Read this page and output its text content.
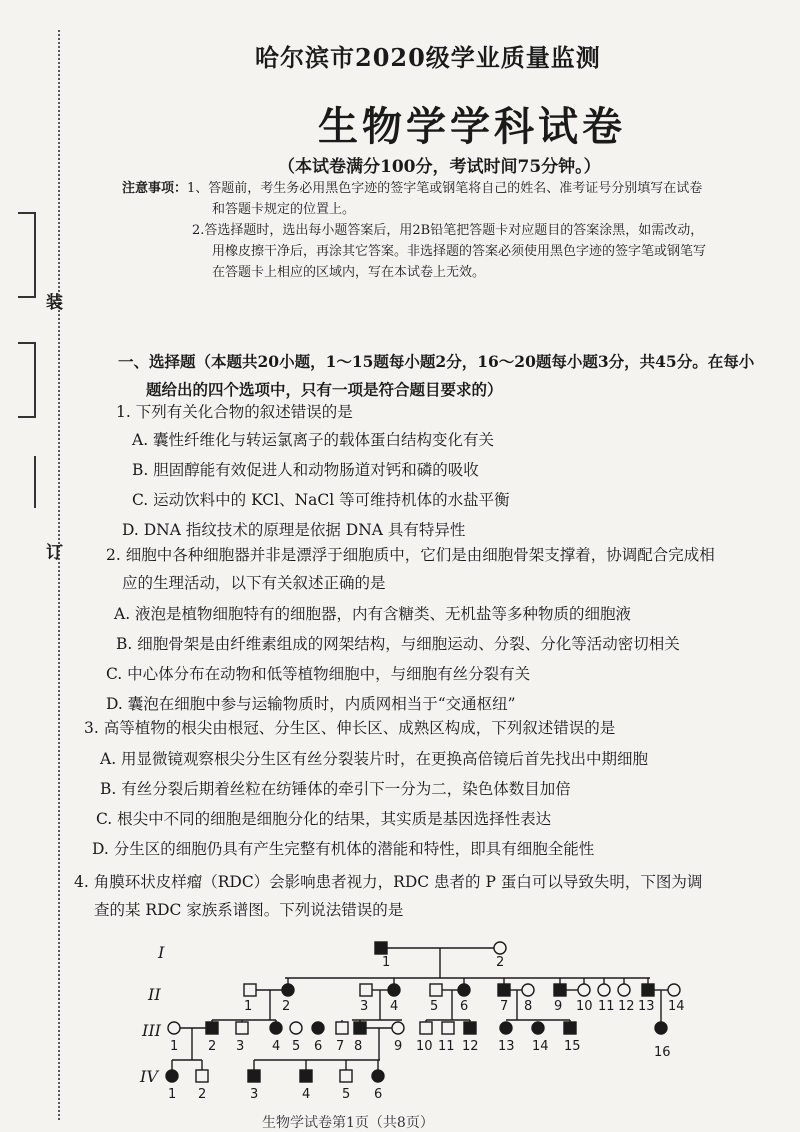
装
订
哈尔滨市2020级学业质量监测
生物学学科试卷
（本试卷满分100分，考试时间75分钟。）

注意事项：1、答题前，考生务必用黑色字迹的签字笔或钢笔将自己的姓名、准考证号分别填写在试卷

和答题卡规定的位置上。

2.答选择题时，选出每小题答案后，用2B铅笔把答题卡对应题目的答案涂黑，如需改动，

用橡皮擦干净后，再涂其它答案。非选择题的答案必须使用黑色字迹的签字笔或钢笔写

在答题卡上相应的区域内，写在本试卷上无效。

一、选择题（本题共20小题，1～15题每小题2分，16～20题每小题3分，共45分。在每小
题给出的四个选项中，只有一项是符合题目要求的）
1. 下列有关化合物的叙述错误的是
A. 囊性纤维化与转运氯离子的载体蛋白结构变化有关
B. 胆固醇能有效促进人和动物肠道对钙和磷的吸收
C. 运动饮料中的 KCl、NaCl 等可维持机体的水盐平衡
D. DNA 指纹技术的原理是依据 DNA 具有特异性
2. 细胞中各种细胞器并非是漂浮于细胞质中，它们是由细胞骨架支撑着，协调配合完成相
应的生理活动，以下有关叙述正确的是
A. 液泡是植物细胞特有的细胞器，内有含糖类、无机盐等多种物质的细胞液
B. 细胞骨架是由纤维素组成的网架结构，与细胞运动、分裂、分化等活动密切相关
C. 中心体分布在动物和低等植物细胞中，与细胞有丝分裂有关
D. 囊泡在细胞中参与运输物质时，内质网相当于“交通枢纽”
3. 高等植物的根尖由根冠、分生区、伸长区、成熟区构成，下列叙述错误的是
A. 用显微镜观察根尖分生区有丝分裂装片时，在更换高倍镜后首先找出中期细胞
B. 有丝分裂后期着丝粒在纺锤体的牵引下一分为二，染色体数目加倍
C. 根尖中不同的细胞是细胞分化的结果，其实质是基因选择性表达
D. 分生区的细胞仍具有产生完整有机体的潜能和特性，即具有细胞全能性
4. 角膜环状皮样瘤（RDC）会影响患者视力，RDC 患者的 P 蛋白可以导致失明，下图为调
查的某 RDC 家族系谱图。下列说法错误的是
I
II
III
IV
1	2
1 2	3 4 5 6 7 8 9 10 11 12 13 14
1 2 3 4 5 6 7 8 9 10 11 12 13 14 15	16
1 2	3	4 5 6
生物学试卷第1页（共8页）
